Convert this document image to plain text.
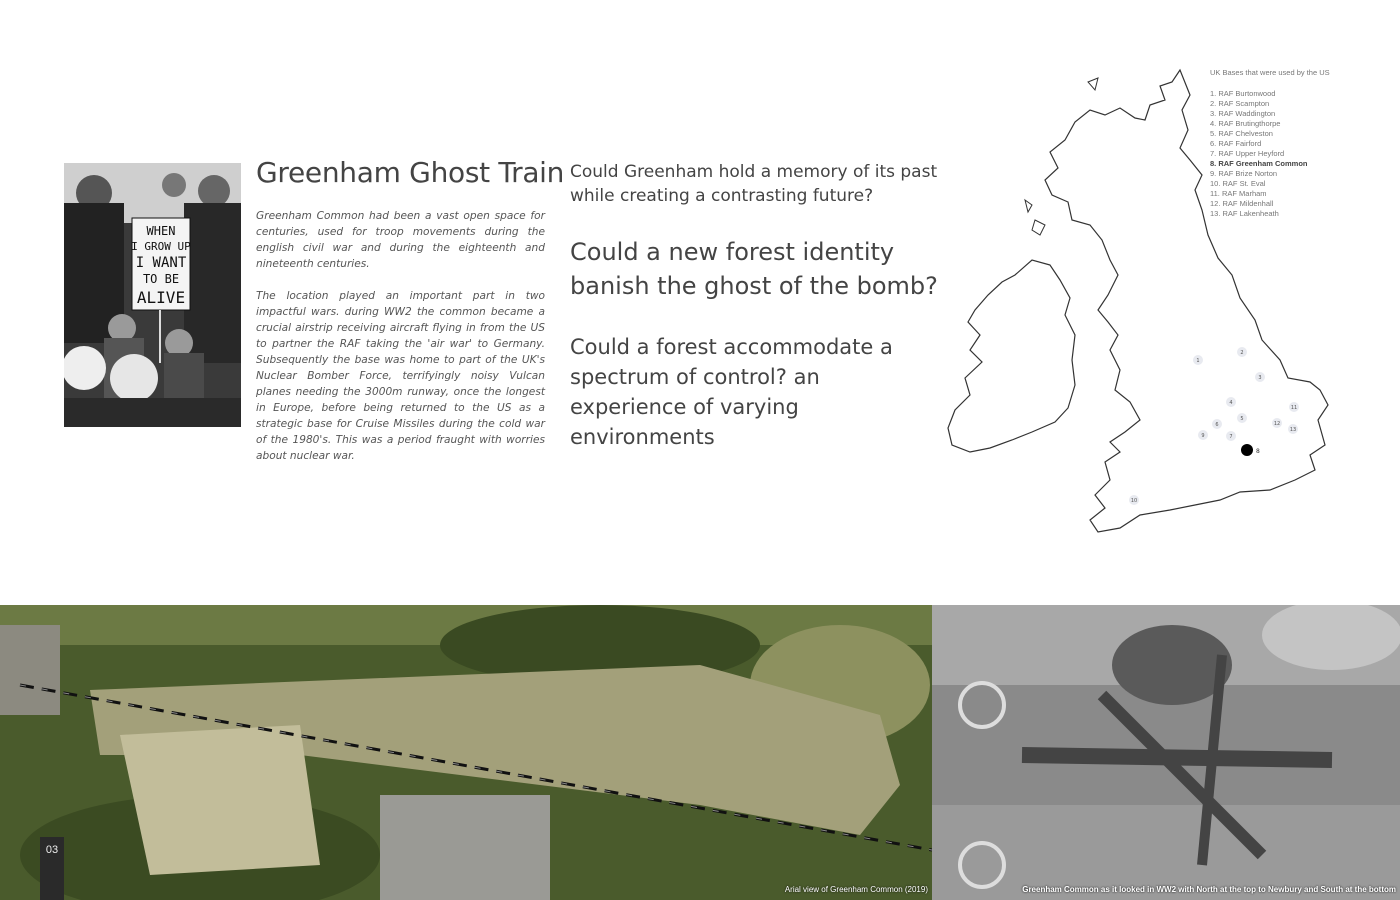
WHEN
I GROW UP
I WANT
TO BE
ALIVE
Greenham Ghost Train

Greenham Common had been a vast open space for centuries, used for troop movements during the english civil war and during the eighteenth and nineteenth centuries.

The location played an important part in two impactful wars. during WW2 the common became a crucial airstrip receiving aircraft flying in from the US to partner the RAF taking the 'air war' to Germany. Subsequently the base was home to part of the UK's Nuclear Bomber Force, terrifyingly noisy Vulcan planes needing the 3000m runway, once the longest in Europe, before being returned to the US as a strategic base for Cruise Missiles during the cold war of the 1980's. This was a period fraught with worries about nuclear war.

Could Greenham hold a memory of its past while creating a contrasting future?
Could a new forest identity banish the ghost of the bomb?
Could a forest accommodate a spectrum of control? an experience of varying environments
1
2
3
4
5
6
7
8
9
10
11
12
13
UK Bases that were used by the US
1. RAF Burtonwood
2. RAF Scampton
3. RAF Waddington
4. RAF Brutingthorpe
5. RAF Chelveston
6. RAF Fairford
7. RAF Upper Heyford
8. RAF Greenham Common
9. RAF Brize Norton
10. RAF St. Eval
11. RAF Marham
12. RAF Mildenhall
13. RAF Lakenheath
03
Arial view of Greenham Common (2019)	Greenham Common as it looked in WW2 with North at the top to Newbury and South at the bottom
